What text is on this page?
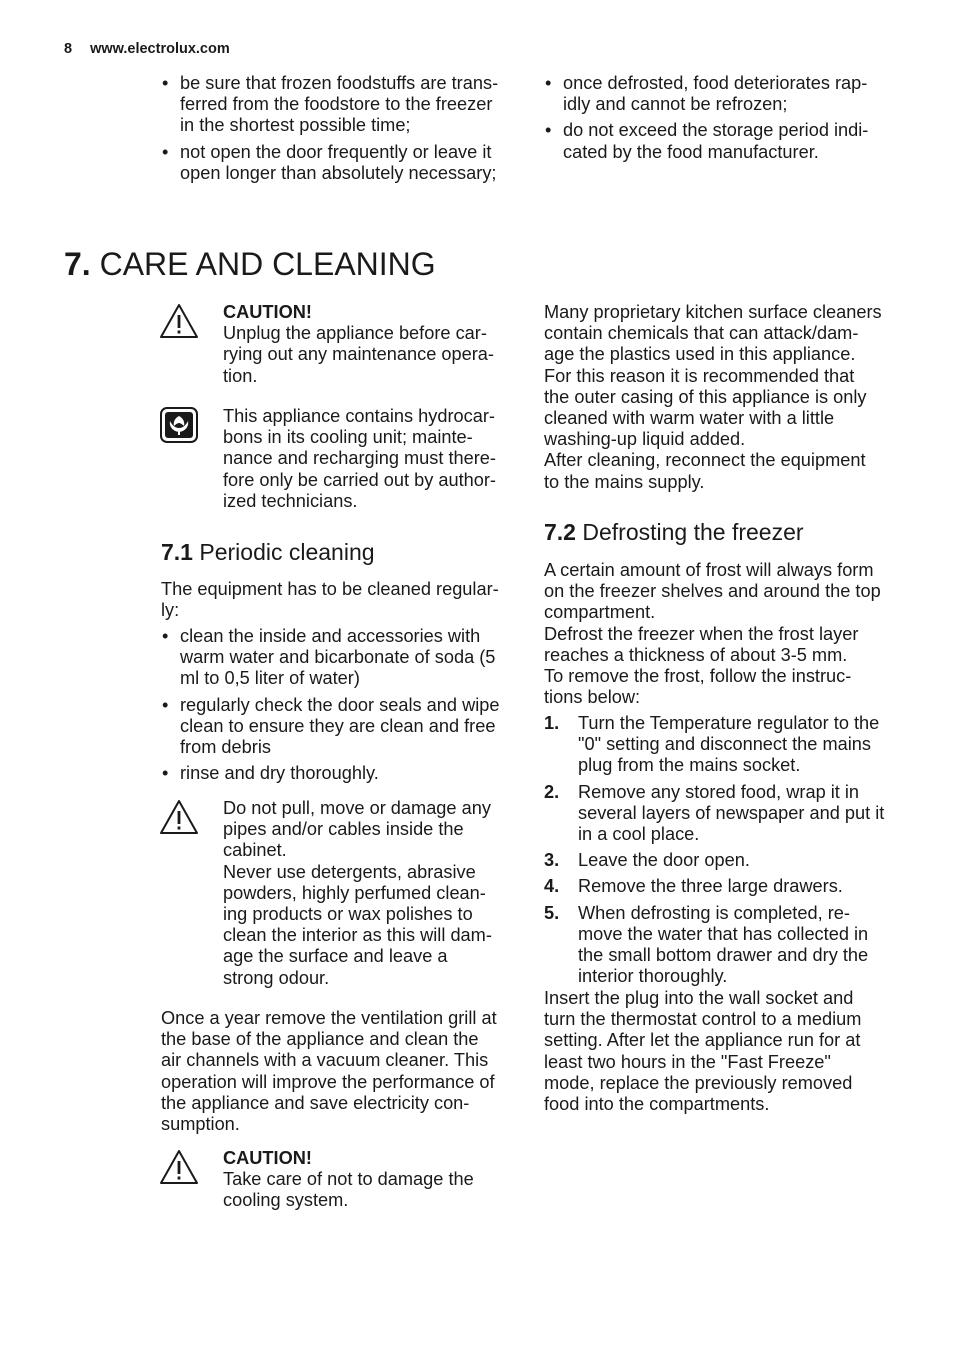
8 www.electrolux.com
• be sure that frozen foodstuffs are trans-
ferred from the foodstore to the freezer
in the shortest possible time;
• not open the door frequently or leave it
open longer than absolutely necessary;
• once defrosted, food deteriorates rap-
idly and cannot be refrozen;
• do not exceed the storage period indi-
cated by the food manufacturer.
7. CARE AND CLEANING
CAUTION!
Unplug the appliance before car-
rying out any maintenance opera-
tion.
This appliance contains hydrocar-
bons in its cooling unit; mainte-
nance and recharging must there-
fore only be carried out by author-
ized technicians.
7.1 Periodic cleaning

The equipment has to be cleaned regular-
ly:

• clean the inside and accessories with
warm water and bicarbonate of soda (5
ml to 0,5 liter of water)
• regularly check the door seals and wipe
clean to ensure they are clean and free
from debris
• rinse and dry thoroughly.
Do not pull, move or damage any
pipes and/or cables inside the
cabinet.
Never use detergents, abrasive
powders, highly perfumed clean-
ing products or wax polishes to
clean the interior as this will dam-
age the surface and leave a
strong odour.

Once a year remove the ventilation grill at
the base of the appliance and clean the
air channels with a vacuum cleaner. This
operation will improve the performance of
the appliance and save electricity con-
sumption.

CAUTION!
Take care of not to damage the
cooling system.

Many proprietary kitchen surface cleaners
contain chemicals that can attack/dam-
age the plastics used in this appliance.
For this reason it is recommended that
the outer casing of this appliance is only
cleaned with warm water with a little
washing-up liquid added.
After cleaning, reconnect the equipment
to the mains supply.

7.2 Defrosting the freezer

A certain amount of frost will always form
on the freezer shelves and around the top
compartment.
Defrost the freezer when the frost layer
reaches a thickness of about 3-5 mm.
To remove the frost, follow the instruc-
tions below:

1. Turn the Temperature regulator to the
"0" setting and disconnect the mains
plug from the mains socket.
2. Remove any stored food, wrap it in
several layers of newspaper and put it
in a cool place.
3. Leave the door open.
4. Remove the three large drawers.
5. When defrosting is completed, re-
move the water that has collected in
the small bottom drawer and dry the
interior thoroughly.

Insert the plug into the wall socket and
turn the thermostat control to a medium
setting. After let the appliance run for at
least two hours in the "Fast Freeze"
mode, replace the previously removed
food into the compartments.
